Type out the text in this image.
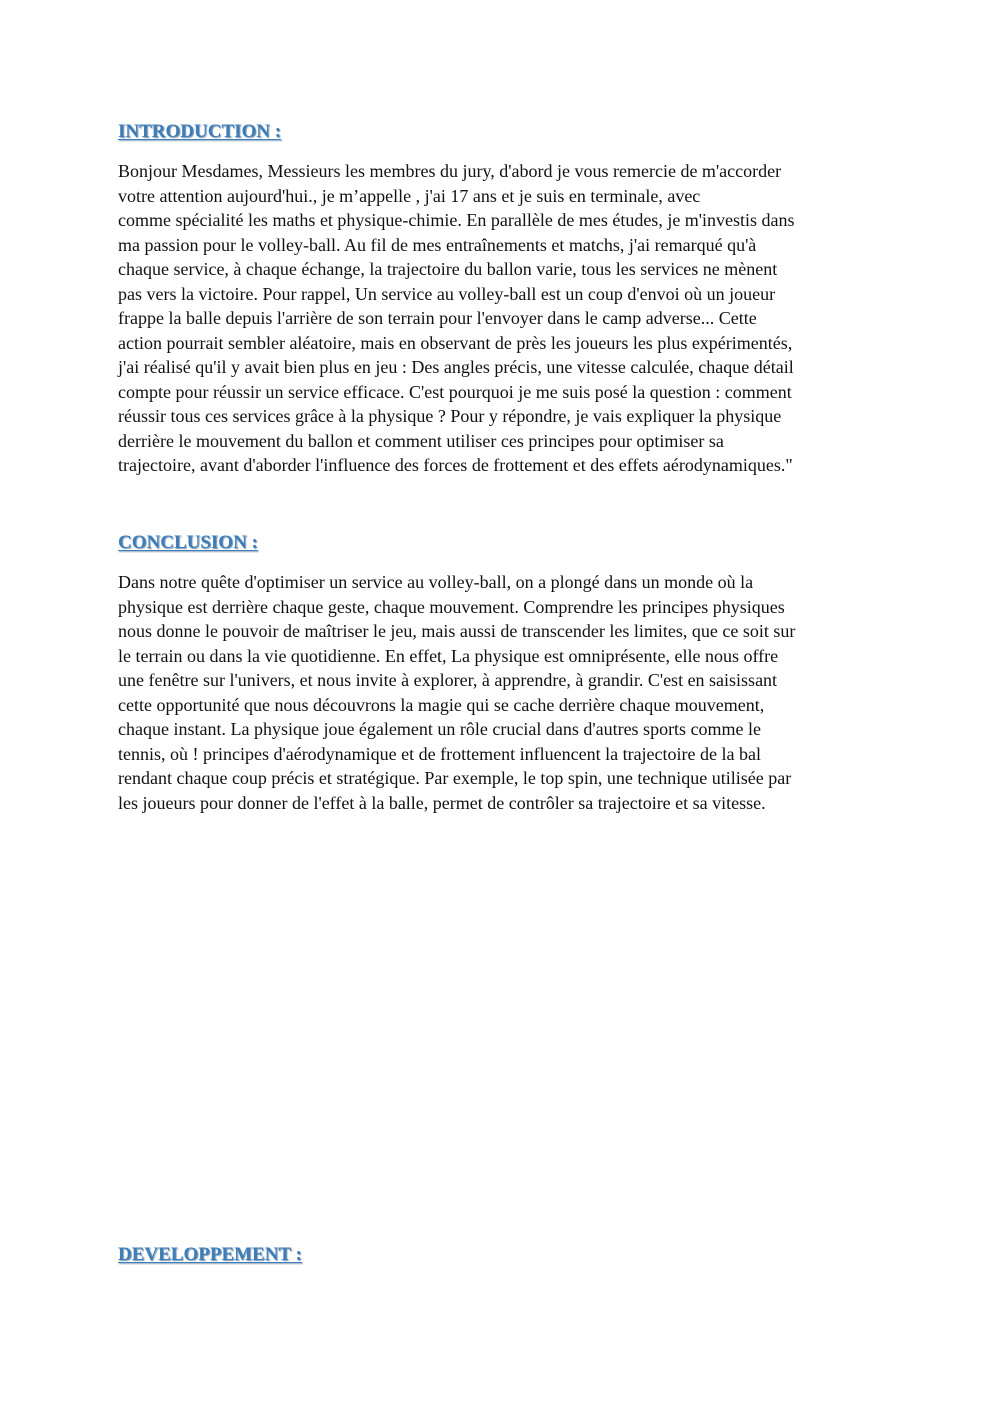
INTRODUCTION :

Bonjour Mesdames, Messieurs les membres du jury, d'abord je vous remercie de m'accorder
votre attention aujourd'hui., je m’appelle , j'ai 17 ans et je suis en terminale, avec
comme spécialité les maths et physique-chimie. En parallèle de mes études, je m'investis dans
ma passion pour le volley-ball. Au fil de mes entraînements et matchs, j'ai remarqué qu'à
chaque service, à chaque échange, la trajectoire du ballon varie, tous les services ne mènent
pas vers la victoire. Pour rappel, Un service au volley-ball est un coup d'envoi où un joueur
frappe la balle depuis l'arrière de son terrain pour l'envoyer dans le camp adverse... Cette
action pourrait sembler aléatoire, mais en observant de près les joueurs les plus expérimentés,
j'ai réalisé qu'il y avait bien plus en jeu : Des angles précis, une vitesse calculée, chaque détail
compte pour réussir un service efficace. C'est pourquoi je me suis posé la question : comment
réussir tous ces services grâce à la physique ? Pour y répondre, je vais expliquer la physique
derrière le mouvement du ballon et comment utiliser ces principes pour optimiser sa
trajectoire, avant d'aborder l'influence des forces de frottement et des effets aérodynamiques."

CONCLUSION :

Dans notre quête d'optimiser un service au volley-ball, on a plongé dans un monde où la
physique est derrière chaque geste, chaque mouvement. Comprendre les principes physiques
nous donne le pouvoir de maîtriser le jeu, mais aussi de transcender les limites, que ce soit sur
le terrain ou dans la vie quotidienne. En effet, La physique est omniprésente, elle nous offre
une fenêtre sur l'univers, et nous invite à explorer, à apprendre, à grandir. C'est en saisissant
cette opportunité que nous découvrons la magie qui se cache derrière chaque mouvement,
chaque instant. La physique joue également un rôle crucial dans d'autres sports comme le
tennis, où ! principes d'aérodynamique et de frottement influencent la trajectoire de la bal
rendant chaque coup précis et stratégique. Par exemple, le top spin, une technique utilisée par
les joueurs pour donner de l'effet à la balle, permet de contrôler sa trajectoire et sa vitesse.

DEVELOPPEMENT :
